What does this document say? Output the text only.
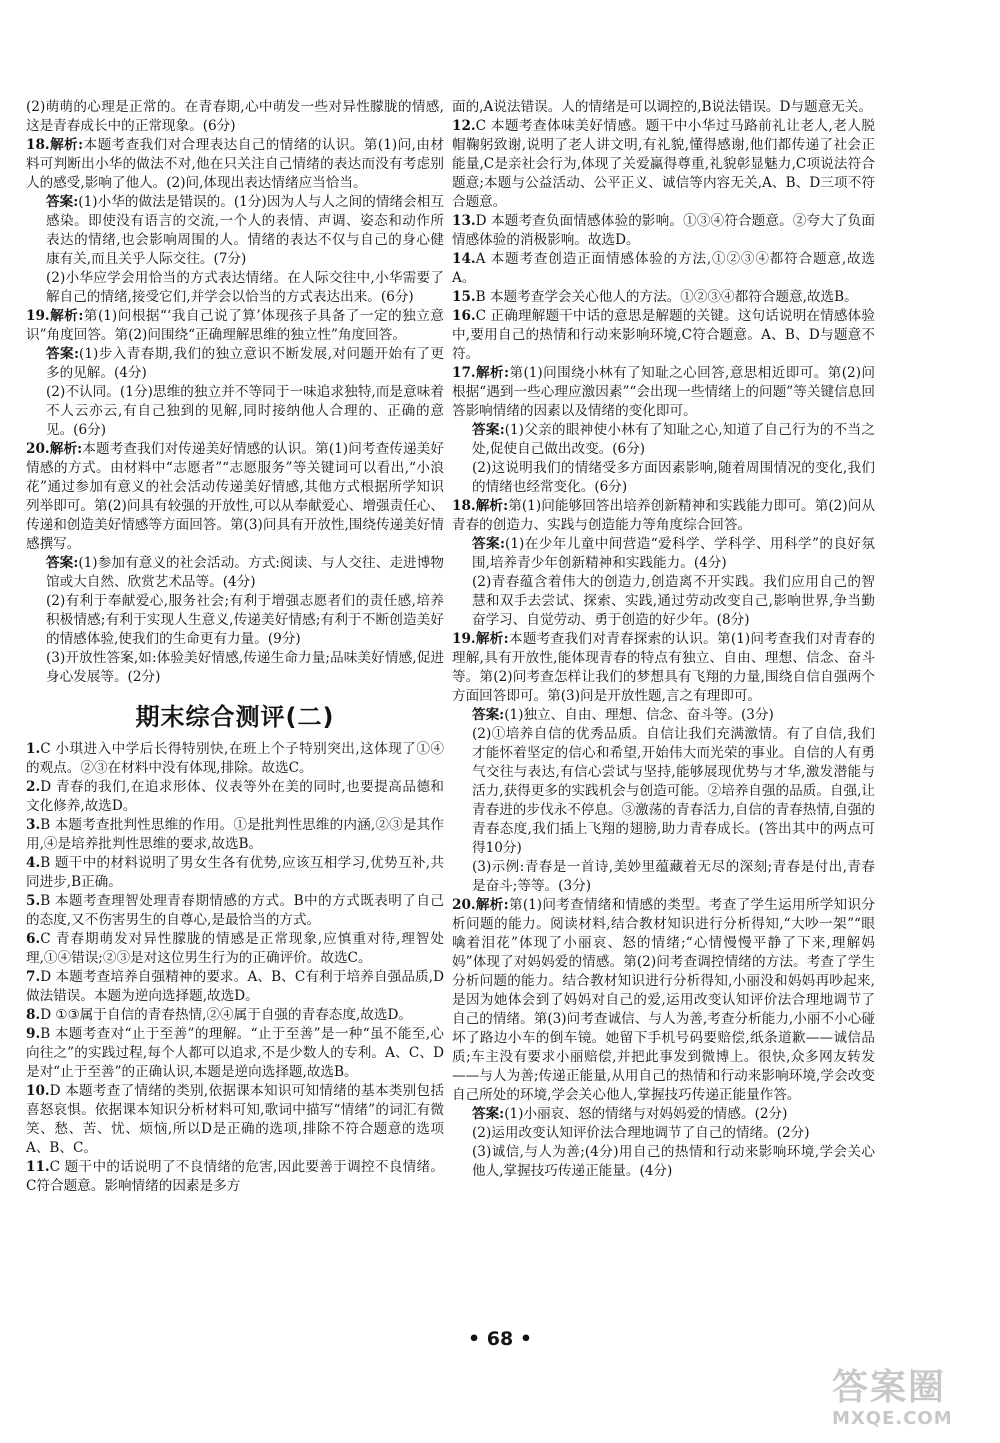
(2)萌萌的心理是正常的。在青春期,心中萌发一些对异性朦胧的情感,这是青春成长中的正常现象。(6分)

18.解析:本题考查我们对合理表达自己的情绪的认识。第(1)问,由材料可判断出小华的做法不对,他在只关注自己情绪的表达而没有考虑别人的感受,影响了他人。(2)问,体现出表达情绪应当恰当。

答案:(1)小华的做法是错误的。(1分)因为人与人之间的情绪会相互感染。即使没有语言的交流,一个人的表情、声调、姿态和动作所表达的情绪,也会影响周围的人。情绪的表达不仅与自己的身心健康有关,而且关乎人际交往。(7分)

(2)小华应学会用恰当的方式表达情绪。在人际交往中,小华需要了解自己的情绪,接受它们,并学会以恰当的方式表达出来。(6分)

19.解析:第(1)问根据“‘我自己说了算’体现孩子具备了一定的独立意识”角度回答。第(2)问围绕“正确理解思维的独立性”角度回答。

答案:(1)步入青春期,我们的独立意识不断发展,对问题开始有了更多的见解。(4分)

(2)不认同。(1分)思维的独立并不等同于一味追求独特,而是意味着不人云亦云,有自己独到的见解,同时接纳他人合理的、正确的意见。(6分)

20.解析:本题考查我们对传递美好情感的认识。第(1)问考查传递美好情感的方式。由材料中“志愿者”“志愿服务”等关键词可以看出,“小浪花”通过参加有意义的社会活动传递美好情感,其他方式根据所学知识列举即可。第(2)问具有较强的开放性,可以从奉献爱心、增强责任心、传递和创造美好情感等方面回答。第(3)问具有开放性,围绕传递美好情感撰写。

答案:(1)参加有意义的社会活动。方式:阅读、与人交往、走进博物馆或大自然、欣赏艺术品等。(4分)

(2)有利于奉献爱心,服务社会;有利于增强志愿者们的责任感,培养积极情感;有利于实现人生意义,传递美好情感;有利于不断创造美好的情感体验,使我们的生命更有力量。(9分)

(3)开放性答案,如:体验美好情感,传递生命力量;品味美好情感,促进身心发展等。(2分)

期末综合测评(二)

1.C 小琪进入中学后长得特别快,在班上个子特别突出,这体现了①④的观点。②③在材料中没有体现,排除。故选C。

2.D 青春的我们,在追求形体、仪表等外在美的同时,也要提高品德和文化修养,故选D。

3.B 本题考查批判性思维的作用。①是批判性思维的内涵,②③是其作用,④是培养批判性思维的要求,故选B。

4.B 题干中的材料说明了男女生各有优势,应该互相学习,优势互补,共同进步,B正确。

5.B 本题考查理智处理青春期情感的方式。B中的方式既表明了自己的态度,又不伤害男生的自尊心,是最恰当的方式。

6.C 青春期萌发对异性朦胧的情感是正常现象,应慎重对待,理智处理,①④错误;②③是对这位男生行为的正确评价。故选C。

7.D 本题考查培养自强精神的要求。A、B、C有利于培养自强品质,D做法错误。本题为逆向选择题,故选D。

8.D ①③属于自信的青春热情,②④属于自强的青春态度,故选D。

9.B 本题考查对“止于至善”的理解。“止于至善”是一种“虽不能至,心向往之”的实践过程,每个人都可以追求,不是少数人的专利。A、C、D是对“止于至善”的正确认识,本题是逆向选择题,故选B。

10.D 本题考查了情绪的类别,依据课本知识可知情绪的基本类别包括喜怒哀惧。依据课本知识分析材料可知,歌词中描写“情绪”的词汇有微笑、愁、苦、忧、烦恼,所以D是正确的选项,排除不符合题意的选项A、B、C。

11.C 题干中的话说明了不良情绪的危害,因此要善于调控不良情绪。C符合题意。影响情绪的因素是多方

面的,A说法错误。人的情绪是可以调控的,B说法错误。D与题意无关。

12.C 本题考查体味美好情感。题干中小华过马路前礼让老人,老人脱帽鞠躬致谢,说明了老人讲文明,有礼貌,懂得感谢,他们都传递了社会正能量,C是亲社会行为,体现了关爱赢得尊重,礼貌彰显魅力,C项说法符合题意;本题与公益活动、公平正义、诚信等内容无关,A、B、D三项不符合题意。

13.D 本题考查负面情感体验的影响。①③④符合题意。②夸大了负面情感体验的消极影响。故选D。

14.A 本题考查创造正面情感体验的方法,①②③④都符合题意,故选A。

15.B 本题考查学会关心他人的方法。①②③④都符合题意,故选B。

16.C 正确理解题干中话的意思是解题的关键。这句话说明在情感体验中,要用自己的热情和行动来影响环境,C符合题意。A、B、D与题意不符。

17.解析:第(1)问围绕小林有了知耻之心回答,意思相近即可。第(2)问根据“遇到一些心理应激因素”“会出现一些情绪上的问题”等关键信息回答影响情绪的因素以及情绪的变化即可。

答案:(1)父亲的眼神使小林有了知耻之心,知道了自己行为的不当之处,促使自己做出改变。(6分)

(2)这说明我们的情绪受多方面因素影响,随着周围情况的变化,我们的情绪也经常变化。(6分)

18.解析:第(1)问能够回答出培养创新精神和实践能力即可。第(2)问从青春的创造力、实践与创造能力等角度综合回答。

答案:(1)在少年儿童中间营造“爱科学、学科学、用科学”的良好氛围,培养青少年创新精神和实践能力。(4分)

(2)青春蕴含着伟大的创造力,创造离不开实践。我们应用自己的智慧和双手去尝试、探索、实践,通过劳动改变自己,影响世界,争当勤奋学习、自觉劳动、勇于创造的好少年。(8分)

19.解析:本题考查我们对青春探索的认识。第(1)问考查我们对青春的理解,具有开放性,能体现青春的特点有独立、自由、理想、信念、奋斗等。第(2)问考查怎样让我们的梦想具有飞翔的力量,围绕自信自强两个方面回答即可。第(3)问是开放性题,言之有理即可。

答案:(1)独立、自由、理想、信念、奋斗等。(3分)

(2)①培养自信的优秀品质。自信让我们充满激情。有了自信,我们才能怀着坚定的信心和希望,开始伟大而光荣的事业。自信的人有勇气交往与表达,有信心尝试与坚持,能够展现优势与才华,激发潜能与活力,获得更多的实践机会与创造可能。②培养自强的品质。自强,让青春进的步伐永不停息。③激荡的青春活力,自信的青春热情,自强的青春态度,我们插上飞翔的翅膀,助力青春成长。(答出其中的两点可得10分)

(3)示例:青春是一首诗,美妙里蕴藏着无尽的深刻;青春是付出,青春是奋斗;等等。(3分)

20.解析:第(1)问考查情绪和情感的类型。考查了学生运用所学知识分析问题的能力。阅读材料,结合教材知识进行分析得知,“大吵一架”“眼噙着泪花”体现了小丽哀、怒的情绪;“心情慢慢平静了下来,理解妈妈”体现了对妈妈爱的情感。第(2)问考查调控情绪的方法。考查了学生分析问题的能力。结合教材知识进行分析得知,小丽没和妈妈再吵起来,是因为她体会到了妈妈对自己的爱,运用改变认知评价法合理地调节了自己的情绪。第(3)问考查诚信、与人为善,考查分析能力,小丽不小心碰坏了路边小车的倒车镜。她留下手机号码要赔偿,纸条道歉——诚信品质;车主没有要求小丽赔偿,并把此事发到微博上。很快,众多网友转发——与人为善;传递正能量,从用自己的热情和行动来影响环境,学会改变自己所处的环境,学会关心他人,掌握技巧传递正能量作答。

答案:(1)小丽哀、怒的情绪与对妈妈爱的情感。(2分)

(2)运用改变认知评价法合理地调节了自己的情绪。(2分)

(3)诚信,与人为善;(4分)用自己的热情和行动来影响环境,学会关心他人,掌握技巧传递正能量。(4分)

• 68 •
答案圈
MXQE.COM
